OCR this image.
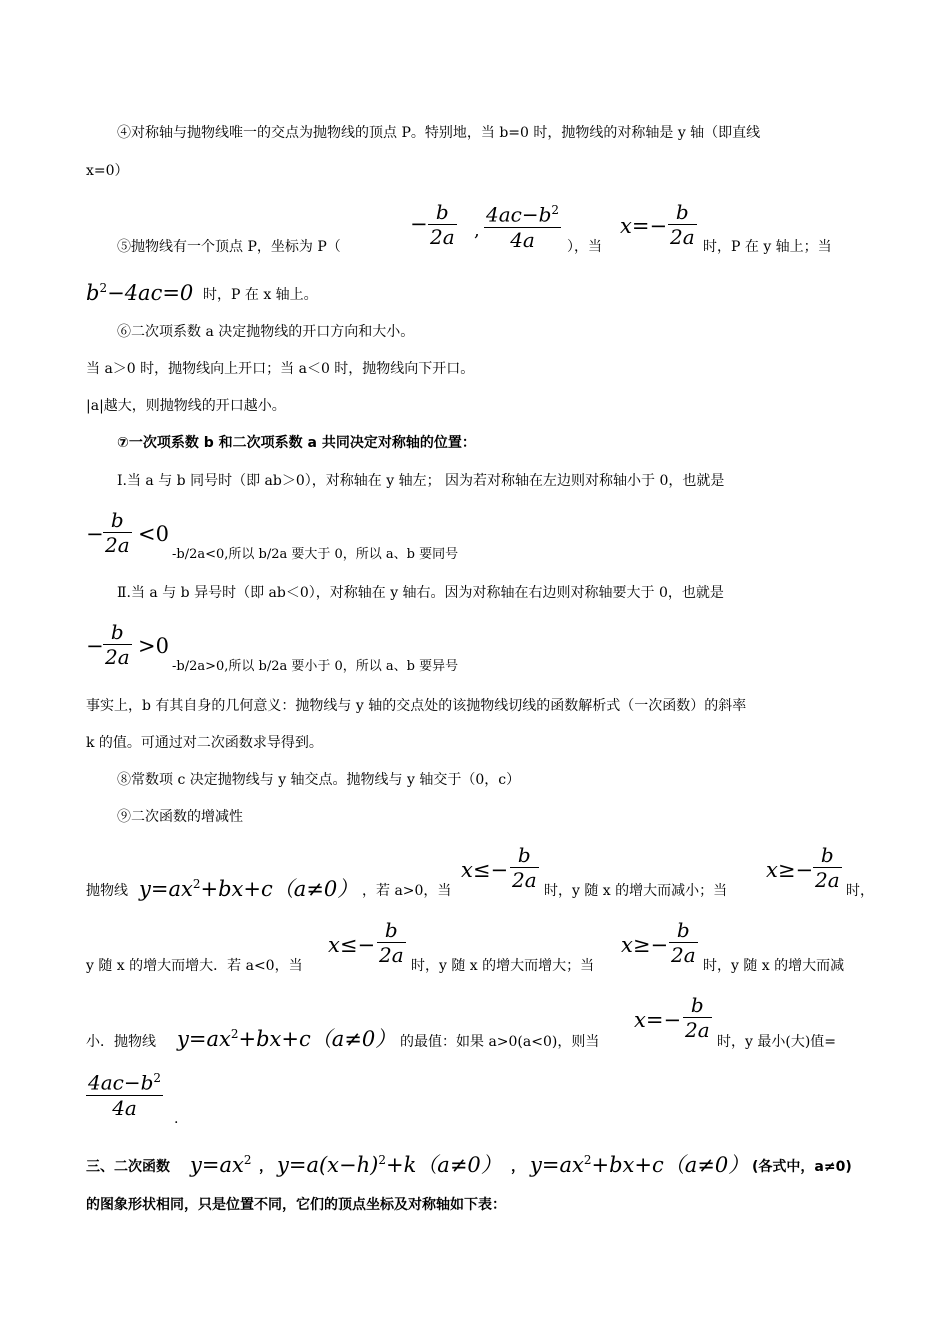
④对称轴与抛物线唯一的交点为抛物线的顶点 P。特别地，当 b=0 时，抛物线的对称轴是 y 轴（即直线
x=0）
⑤抛物线有一个顶点 P，坐标为 P（
− b
2a ,
$4ac-b^2$
4a	），当
x=−
b
2a 时，P 在 y 轴上；当
$b^2-4ac=0$ 时，P 在 x 轴上。
⑥二次项系数 a 决定抛物线的开口方向和大小。
当 a＞0 时，抛物线向上开口；当 a＜0 时，抛物线向下开口。
|a|越大，则抛物线的开口越小。
⑦一次项系数 b 和二次项系数 a 共同决定对称轴的位置：
Ⅰ.当 a 与 b 同号时（即 ab＞0），对称轴在 y 轴左； 因为若对称轴在左边则对称轴小于 0，也就是
−
b
2a <0
-b/2a<0,所以 b/2a 要大于 0，所以 a、b 要同号
Ⅱ.当 a 与 b 异号时（即 ab＜0），对称轴在 y 轴右。因为对称轴在右边则对称轴要大于 0，也就是
−
b
2a >0
-b/2a>0,所以 b/2a 要小于 0，所以 a、b 要异号
事实上，b 有其自身的几何意义：抛物线与 y 轴的交点处的该抛物线切线的函数解析式（一次函数）的斜率
k 的值。可通过对二次函数求导得到。
⑧常数项 c 决定抛物线与 y 轴交点。抛物线与 y 轴交于（0，c）
⑨二次函数的增减性
抛物线 $y=ax^2+bx+c(a\ne 0)$ ，若 a>0，当
x≤−
b
2a 时，y 随 x 的增大而减小；当
x≥−
b
2a 时，
y 随 x 的增大而增大．若 a<0，当
x≤−
b
2a 时，y 随 x 的增大而增大；当
x≥−
b
2a 时，y 随 x 的增大而减
小．抛物线 $y=ax^2+bx+c(a\ne 0)$ 的最值：如果 a>0(a<0)，则当
x=−
b
2a 时，y 最小(大)值=
$4ac-b^2$
4a	.
三、二次函数 $y=ax^2$ ， $y=a(x-h)^2+k(a\ne 0)$ ， $y=ax^2+bx+c(a\ne 0)$ (各式中，a≠0)
的图象形状相同，只是位置不同，它们的顶点坐标及对称轴如下表：
